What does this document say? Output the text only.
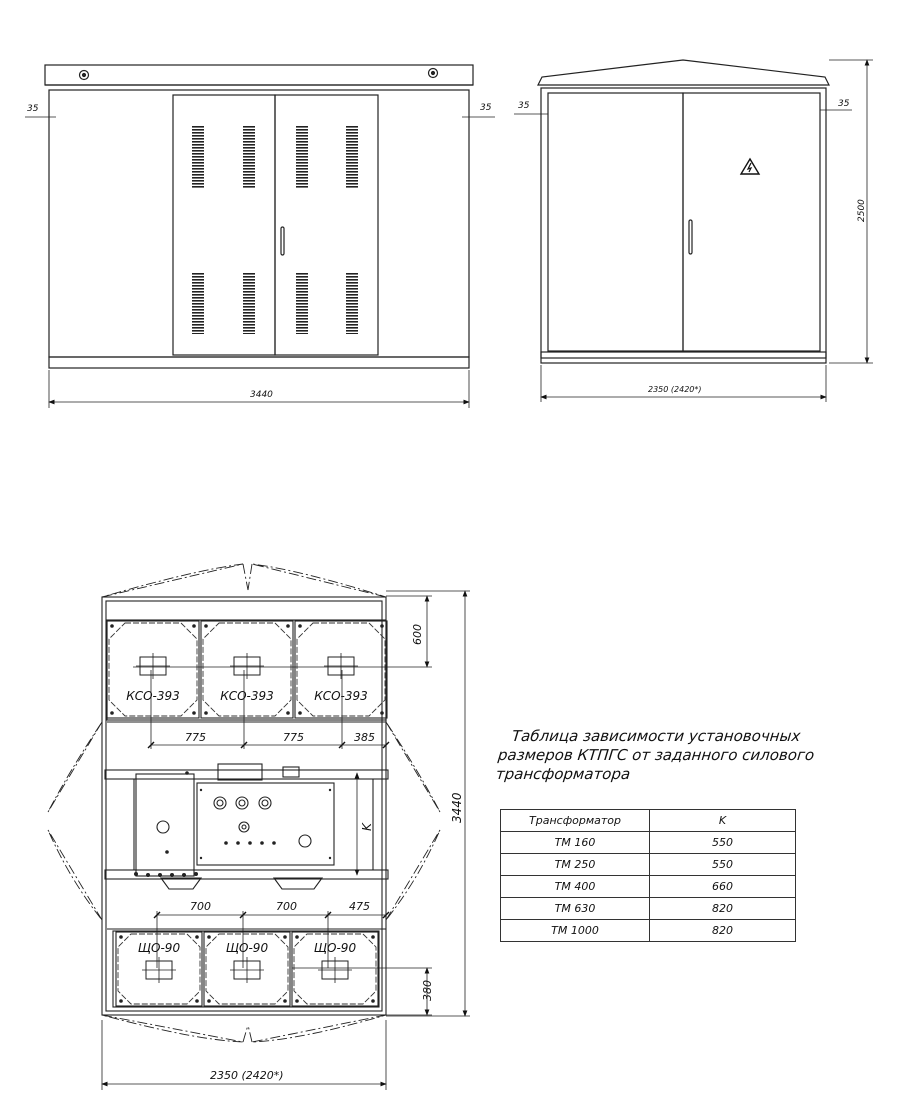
3440
35	35
2350 (2420*)
2500
35	35
КСО-393	КСО-393	КСО-393
ЩО-90	ЩО-90	ЩО-90
775	775	385
600
K
700	700	475
380
3440
2350 (2420*)
Таблица зависимости установочных
размеров КТПГС от заданного силового
трансформатора
Трансформатор	K
ТМ 160	550
ТМ 250	550
ТМ 400	660
ТМ 630	820
ТМ 1000	820
